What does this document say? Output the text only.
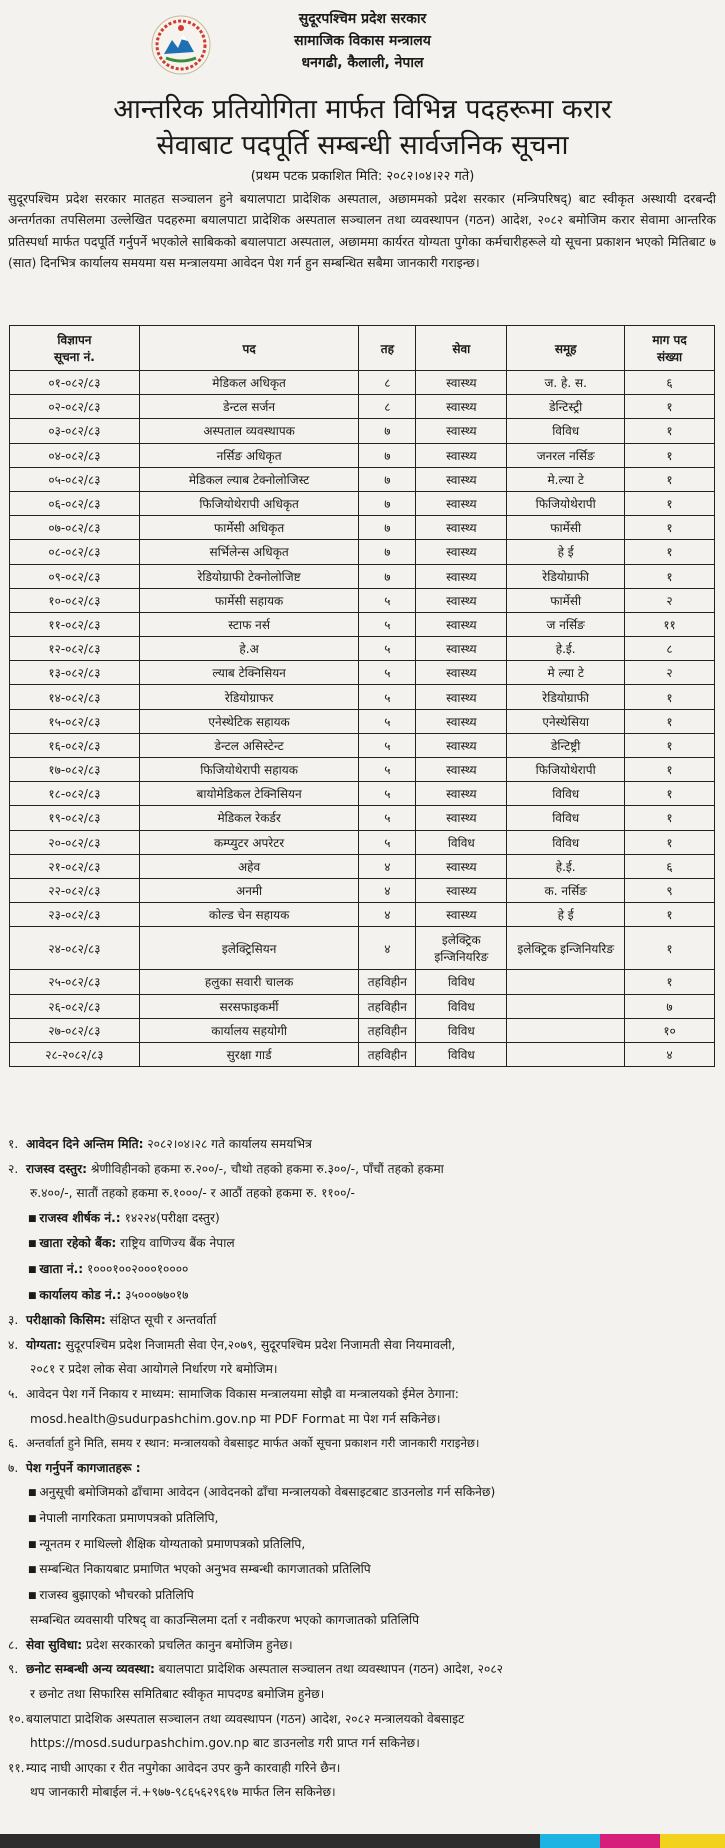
सुदूरपश्चिम प्रदेश सरकार
सामाजिक विकास मन्त्रालय
धनगढी, कैलाली, नेपाल
आन्तरिक प्रतियोगिता मार्फत विभिन्न पदहरूमा करार
सेवाबाट पदपूर्ति सम्बन्धी सार्वजनिक सूचना
(प्रथम पटक प्रकाशित मिति: २०८२।०४।२२ गते)
सुदूरपश्चिम प्रदेश सरकार मातहत सञ्चालन हुने बयालपाटा प्रादेशिक अस्पताल, अछाममको प्रदेश सरकार (मन्त्रिपरिषद्) बाट स्वीकृत अस्थायी दरबन्दी अन्तर्गतका तपसिलमा उल्लेखित पदहरुमा बयालपाटा प्रादेशिक अस्पताल सञ्चालन तथा व्यवस्थापन (गठन) आदेश, २०८२ बमोजिम करार सेवामा आन्तरिक प्रतिस्पर्धा मार्फत पदपूर्ति गर्नुपर्ने भएकोले साबिकको बयालपाटा अस्पताल, अछाममा कार्यरत योग्यता पुगेका कर्मचारीहरूले यो सूचना प्रकाशन भएको मितिबाट ७ (सात) दिनभित्र कार्यालय समयमा यस मन्त्रालयमा आवेदन पेश गर्न हुन सम्बन्धित सबैमा जानकारी गराइन्छ।
विज्ञापन
सूचना नं.	पद	तह	सेवा	समूह	माग पद
संख्या
०१-०८२/८३	मेडिकल अधिकृत	८	स्वास्थ्य	ज. हे. स.	६
०२-०८२/८३	डेन्टल सर्जन	८	स्वास्थ्य	डेन्टिस्ट्री	१
०३-०८२/८३	अस्पताल व्यवस्थापक	७	स्वास्थ्य	विविध	१
०४-०८२/८३	नर्सिङ अधिकृत	७	स्वास्थ्य	जनरल नर्सिङ	१
०५-०८२/८३	मेडिकल ल्याब टेक्नोलोजिस्ट	७	स्वास्थ्य	मे.ल्या टे	१
०६-०८२/८३	फिजियोथेरापी अधिकृत	७	स्वास्थ्य	फिजियोथेरापी	१
०७-०८२/८३	फार्मेसी अधिकृत	७	स्वास्थ्य	फार्मेसी	१
०८-०८२/८३	सर्भिलेन्स अधिकृत	७	स्वास्थ्य	हे ई	१
०९-०८२/८३	रेडियोग्राफी टेक्नोलोजिष्ट	७	स्वास्थ्य	रेडियोग्राफी	१
१०-०८२/८३	फार्मेसी सहायक	५	स्वास्थ्य	फार्मेसी	२
११-०८२/८३	स्टाफ नर्स	५	स्वास्थ्य	ज नर्सिङ	११
१२-०८२/८३	हे.अ	५	स्वास्थ्य	हे.ई.	८
१३-०८२/८३	ल्याब टेक्निसियन	५	स्वास्थ्य	मे ल्या टे	२
१४-०८२/८३	रेडियोग्राफर	५	स्वास्थ्य	रेडियोग्राफी	१
१५-०८२/८३	एनेस्थेटिक सहायक	५	स्वास्थ्य	एनेस्थेसिया	१
१६-०८२/८३	डेन्टल असिस्टेन्ट	५	स्वास्थ्य	डेन्टिष्ट्री	१
१७-०८२/८३	फिजियोथेरापी सहायक	५	स्वास्थ्य	फिजियोथेरापी	१
१८-०८२/८३	बायोमेडिकल टेक्निसियन	५	स्वास्थ्य	विविध	१
१९-०८२/८३	मेडिकल रेकर्डर	५	स्वास्थ्य	विविध	१
२०-०८२/८३	कम्प्युटर अपरेटर	५	विविध	विविध	१
२१-०८२/८३	अहेव	४	स्वास्थ्य	हे.ई.	६
२२-०८२/८३	अनमी	४	स्वास्थ्य	क. नर्सिङ	९
२३-०८२/८३	कोल्ड चेन सहायक	४	स्वास्थ्य	हे ई	१
२४-०८२/८३	इलेक्ट्रिसियन	४	इलेक्ट्रिक इन्जिनियरिङ	इलेक्ट्रिक इन्जिनियरिङ	१
२५-०८२/८३	हलुका सवारी चालक	तहविहीन	विविध		१
२६-०८२/८३	सरसफाइकर्मी	तहविहीन	विविध		७
२७-०८२/८३	कार्यालय सहयोगी	तहविहीन	विविध		१०
२८-२०८२/८३	सुरक्षा गार्ड	तहविहीन	विविध		४
१. आवेदन दिने अन्तिम मिति: २०८२।०४।२८ गते कार्यालय समयभित्र
२. राजस्व दस्तुर: श्रेणीविहीनको हकमा रु.२००/-, चौथो तहको हकमा रु.३००/-, पाँचौं तहको हकमा
रु.४००/-, सातौं तहको हकमा रु.१०००/- र आठौं तहको हकमा रु. ११००/-
■ राजस्व शीर्षक नं.: १४२२४(परीक्षा दस्तुर)
■ खाता रहेको बैंक: राष्ट्रिय वाणिज्य बैंक नेपाल
■ खाता नं.: १०००१००२०००१००००
■ कार्यालय कोड नं.: ३५०००७७०१७
३. परीक्षाको किसिम: संक्षिप्त सूची र अन्तर्वार्ता
४. योग्यता: सुदूरपश्चिम प्रदेश निजामती सेवा ऐन,२०७९, सुदूरपश्चिम प्रदेश निजामती सेवा नियमावली,
२०८१ र प्रदेश लोक सेवा आयोगले निर्धारण गरे बमोजिम।
५. आवेदन पेश गर्ने निकाय र माध्यम: सामाजिक विकास मन्त्रालयमा सोझै वा मन्त्रालयको ईमेल ठेगाना:
mosd.health@sudurpashchim.gov.np मा PDF Format मा पेश गर्न सकिनेछ।
६. अन्तर्वार्ता हुने मिति, समय र स्थान: मन्त्रालयको वेबसाइट मार्फत अर्को सूचना प्रकाशन गरी जानकारी गराइनेछ।
७. पेश गर्नुपर्ने कागजातहरू :
■ अनुसूची बमोजिमको ढाँचामा आवेदन (आवेदनको ढाँचा मन्त्रालयको वेबसाइटबाट डाउनलोड गर्न सकिनेछ)
■ नेपाली नागरिकता प्रमाणपत्रको प्रतिलिपि,
■ न्यूनतम र माथिल्लो शैक्षिक योग्यताको प्रमाणपत्रको प्रतिलिपि,
■ सम्बन्धित निकायबाट प्रमाणित भएको अनुभव सम्बन्धी कागजातको प्रतिलिपि
■ राजस्व बुझाएको भौचरको प्रतिलिपि
सम्बन्धित व्यवसायी परिषद् वा काउन्सिलमा दर्ता र नवीकरण भएको कागजातको प्रतिलिपि
८. सेवा सुविधा: प्रदेश सरकारको प्रचलित कानुन बमोजिम हुनेछ।
९. छनोट सम्बन्धी अन्य व्यवस्था: बयालपाटा प्रादेशिक अस्पताल सञ्चालन तथा व्यवस्थापन (गठन) आदेश, २०८२
र छनोट तथा सिफारिस समितिबाट स्वीकृत मापदण्ड बमोजिम हुनेछ।
१०.बयालपाटा प्रादेशिक अस्पताल सञ्चालन तथा व्यवस्थापन (गठन) आदेश, २०८२ मन्त्रालयको वेबसाइट
https://mosd.sudurpashchim.gov.np बाट डाउनलोड गरी प्राप्त गर्न सकिनेछ।
११.म्याद नाघी आएका र रीत नपुगेका आवेदन उपर कुनै कारवाही गरिने छैन।
थप जानकारी मोबाईल नं.+९७७-९८६५६२९६१७ मार्फत लिन सकिनेछ।
